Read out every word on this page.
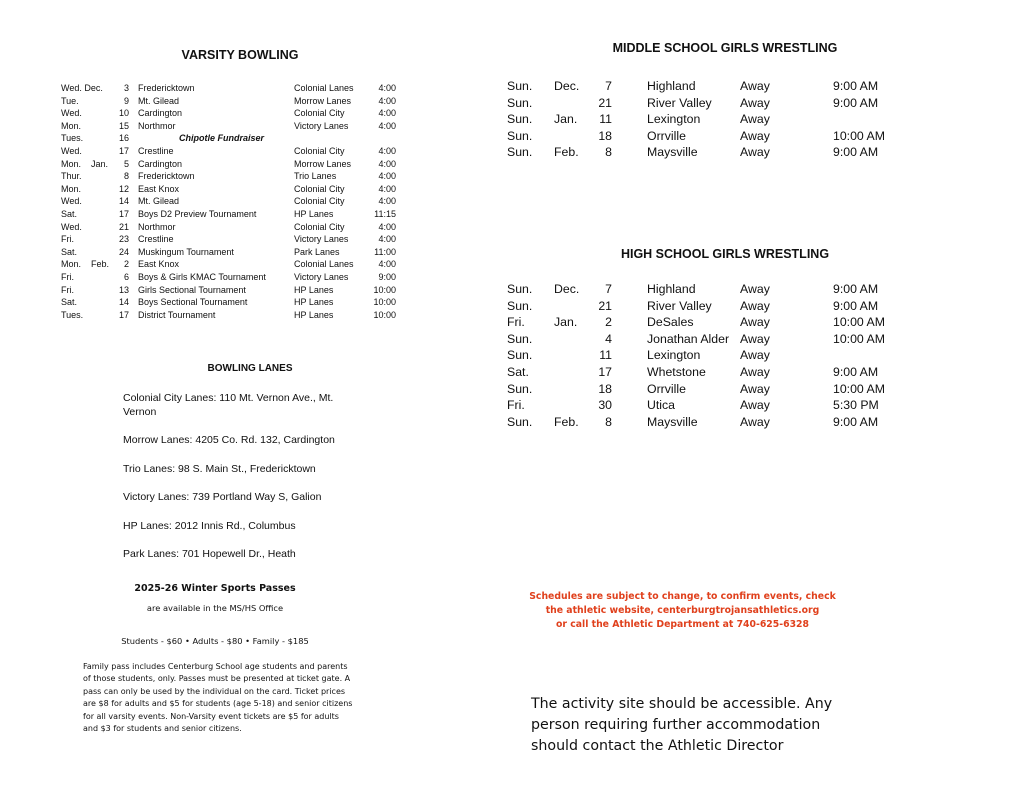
VARSITY BOWLING
Wed. Dec.	3 Fredericktown	Colonial Lanes	4:00
Tue.	9 Mt. Gilead	Morrow Lanes	4:00
Wed.	10 Cardington	Colonial City	4:00
Mon.	15 Northmor	Victory Lanes	4:00
Tues.	16	Chipotle Fundraiser
Wed.	17 Crestline	Colonial City	4:00
Mon. Jan.	5 Cardington	Morrow Lanes	4:00
Thur.	8 Fredericktown	Trio Lanes	4:00
Mon.	12 East Knox	Colonial City	4:00
Wed.	14 Mt. Gilead	Colonial City	4:00
Sat.	17 Boys D2 Preview Tournament	HP Lanes	11:15
Wed.	21 Northmor	Colonial City	4:00
Fri.	23 Crestline	Victory Lanes	4:00
Sat.	24 Muskingum Tournament	Park Lanes	11:00
Mon. Feb.	2 East Knox	Colonial Lanes	4:00
Fri.	6 Boys & Girls KMAC Tournament	Victory Lanes	9:00
Fri.	13 Girls Sectional Tournament	HP Lanes	10:00
Sat.	14 Boys Sectional Tournament	HP Lanes	10:00
Tues.	17 District Tournament	HP Lanes	10:00
BOWLING LANES
Colonial City Lanes: 110 Mt. Vernon Ave., Mt. Vernon
Morrow Lanes: 4205 Co. Rd. 132, Cardington
Trio Lanes: 98 S. Main St., Fredericktown
Victory Lanes: 739 Portland Way S, Galion
HP Lanes: 2012 Innis Rd., Columbus
Park Lanes: 701 Hopewell Dr., Heath
2025-26 Winter Sports Passes
are available in the MS/HS Office
Students - $60 • Adults - $80 • Family - $185
Family pass includes Centerburg School age students and parents of those students, only. Passes must be presented at ticket gate. A pass can only be used by the individual on the card. Ticket prices are $8 for adults and $5 for students (age 5-18) and senior citizens for all varsity events. Non-Varsity event tickets are $5 for adults and $3 for students and senior citizens.
MIDDLE SCHOOL GIRLS WRESTLING
Sun. Dec.	7	Highland	Away	9:00 AM
Sun.	21	River Valley Away	9:00 AM
Sun. Jan.	11	Lexington	Away
Sun.	18	Orrville	Away	10:00 AM
Sun. Feb.	8	Maysville	Away	9:00 AM
HIGH SCHOOL GIRLS WRESTLING
Sun. Dec.	7	Highland	Away	9:00 AM
Sun.	21	River Valley Away	9:00 AM
Fri. Jan.	2	DeSales	Away	10:00 AM
Sun.	4	Jonathan Alder Away	10:00 AM
Sun.	11	Lexington	Away
Sat.	17	Whetstone	Away	9:00 AM
Sun.	18	Orrville	Away	10:00 AM
Fri.	30	Utica	Away	5:30 PM
Sun. Feb.	8	Maysville	Away	9:00 AM
Schedules are subject to change, to confirm events, check
the athletic website, centerburgtrojansathletics.org
or call the Athletic Department at 740-625-6328
The activity site should be accessible. Any
person requiring further accommodation
should contact the Athletic Director
